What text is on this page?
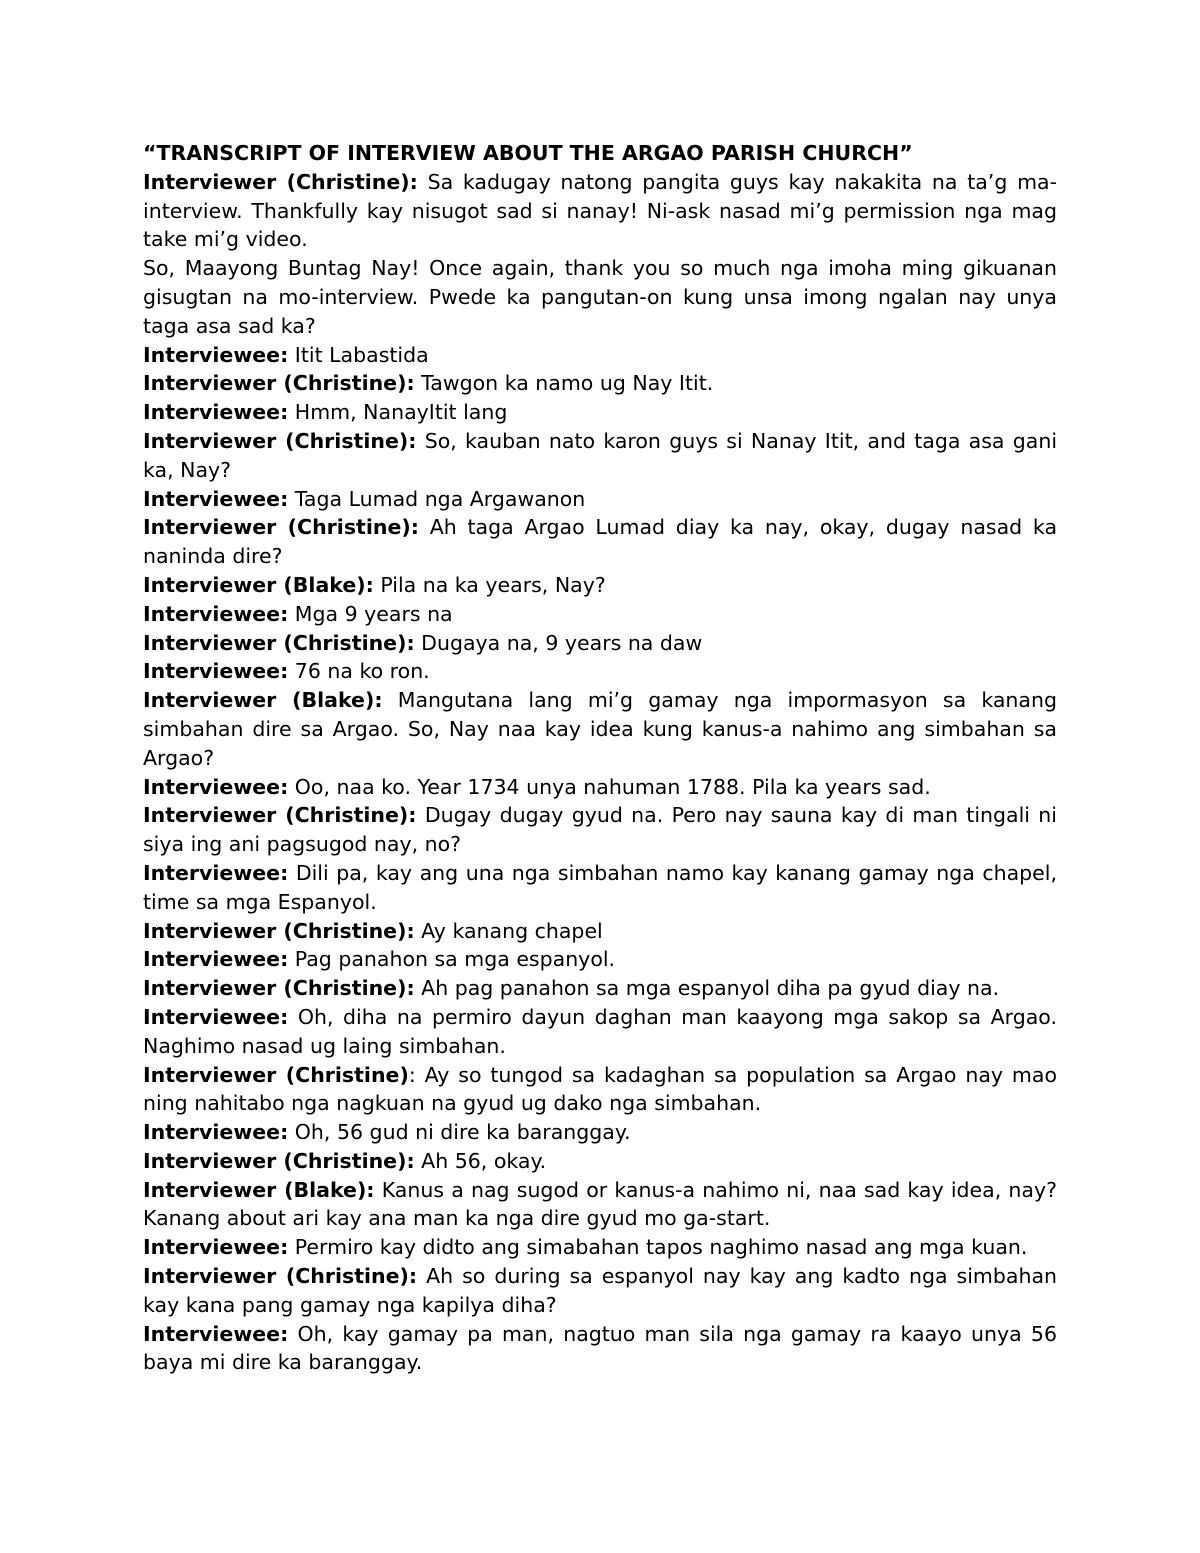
“TRANSCRIPT OF INTERVIEW ABOUT THE ARGAO PARISH CHURCH”

Interviewer (Christine): Sa kadugay natong pangita guys kay nakakita na ta’g ma-interview. Thankfully kay nisugot sad si nanay! Ni-ask nasad mi’g permission nga mag take mi’g video.

So, Maayong Buntag Nay! Once again, thank you so much nga imoha ming gikuanan gisugtan na mo-interview. Pwede ka pangutan-on kung unsa imong ngalan nay unya taga asa sad ka?

Interviewee: Itit Labastida

Interviewer (Christine): Tawgon ka namo ug Nay Itit.

Interviewee: Hmm, NanayItit lang

Interviewer (Christine): So, kauban nato karon guys si Nanay Itit, and taga asa gani ka, Nay?

Interviewee: Taga Lumad nga Argawanon

Interviewer (Christine): Ah taga Argao Lumad diay ka nay, okay, dugay nasad ka naninda dire?

Interviewer (Blake): Pila na ka years, Nay?

Interviewee: Mga 9 years na

Interviewer (Christine): Dugaya na, 9 years na daw

Interviewee: 76 na ko ron.

Interviewer (Blake): Mangutana lang mi’g gamay nga impormasyon sa kanang simbahan dire sa Argao. So, Nay naa kay idea kung kanus-a nahimo ang simbahan sa Argao?

Interviewee: Oo, naa ko. Year 1734 unya nahuman 1788. Pila ka years sad.

Interviewer (Christine): Dugay dugay gyud na. Pero nay sauna kay di man tingali ni siya ing ani pagsugod nay, no?

Interviewee: Dili pa, kay ang una nga simbahan namo kay kanang gamay nga chapel, time sa mga Espanyol.

Interviewer (Christine): Ay kanang chapel

Interviewee: Pag panahon sa mga espanyol.

Interviewer (Christine): Ah pag panahon sa mga espanyol diha pa gyud diay na.

Interviewee: Oh, diha na permiro dayun daghan man kaayong mga sakop sa Argao. Naghimo nasad ug laing simbahan.

Interviewer (Christine): Ay so tungod sa kadaghan sa population sa Argao nay mao ning nahitabo nga nagkuan na gyud ug dako nga simbahan.

Interviewee: Oh, 56 gud ni dire ka baranggay.

Interviewer (Christine): Ah 56, okay.

Interviewer (Blake): Kanus a nag sugod or kanus-a nahimo ni, naa sad kay idea, nay? Kanang about ari kay ana man ka nga dire gyud mo ga-start.

Interviewee: Permiro kay didto ang simabahan tapos naghimo nasad ang mga kuan.

Interviewer (Christine): Ah so during sa espanyol nay kay ang kadto nga simbahan kay kana pang gamay nga kapilya diha?

Interviewee: Oh, kay gamay pa man, nagtuo man sila nga gamay ra kaayo unya 56 baya mi dire ka baranggay.
